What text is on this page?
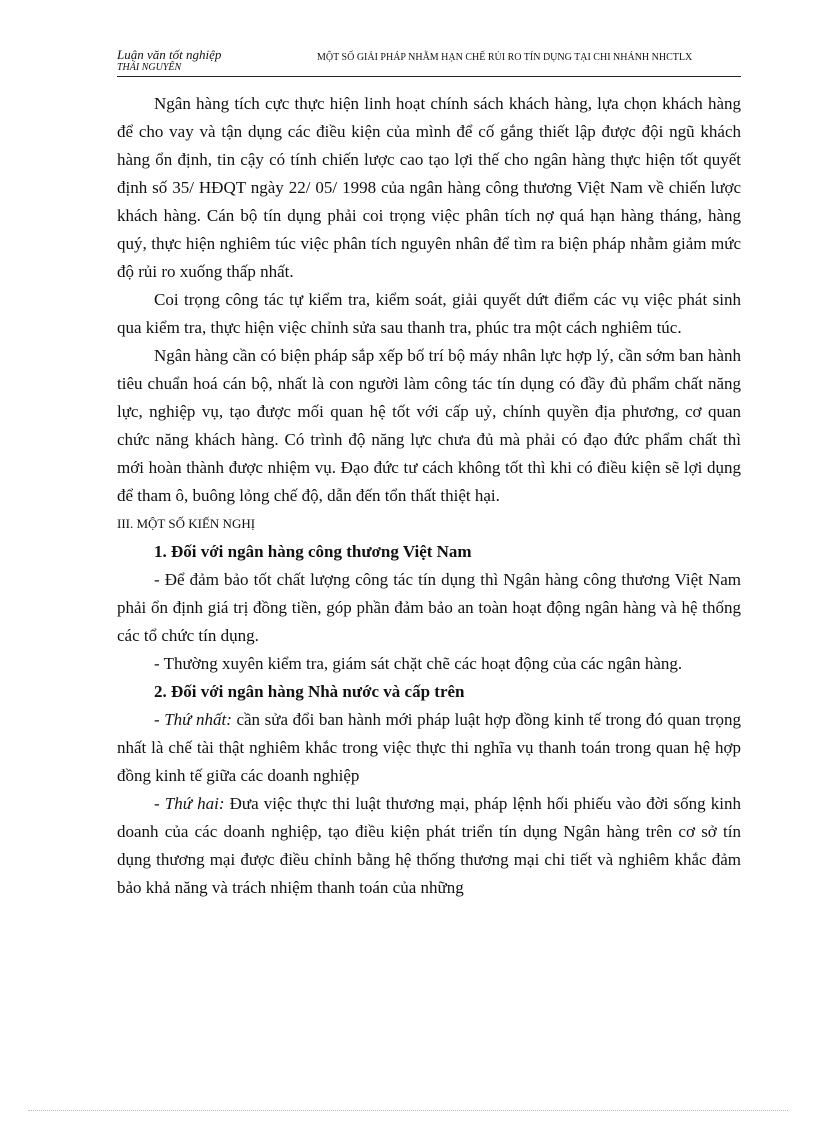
Luận văn tốt nghiệp
THÁI NGUYÊN
MỘT SỐ GIẢI PHÁP NHẰM HẠN CHẾ RỦI RO TÍN DỤNG TẠI CHI NHÁNH NHCTLX

Ngân hàng tích cực thực hiện linh hoạt chính sách khách hàng, lựa chọn khách hàng để cho vay và tận dụng các điều kiện của mình để cố gắng thiết lập được đội ngũ khách hàng ổn định, tin cậy có tính chiến lược cao tạo lợi thế cho ngân hàng thực hiện tốt quyết định số 35/ HĐQT ngày 22/ 05/ 1998 của ngân hàng công thương Việt Nam về chiến lược khách hàng. Cán bộ tín dụng phải coi trọng việc phân tích nợ quá hạn hàng tháng, hàng quý, thực hiện nghiêm túc việc phân tích nguyên nhân để tìm ra biện pháp nhằm giảm mức độ rủi ro xuống thấp nhất.

Coi trọng công tác tự kiểm tra, kiểm soát, giải quyết dứt điểm các vụ việc phát sinh qua kiểm tra, thực hiện việc chỉnh sửa sau thanh tra, phúc tra một cách nghiêm túc.

Ngân hàng cần có biện pháp sắp xếp bố trí bộ máy nhân lực hợp lý, cần sớm ban hành tiêu chuẩn hoá cán bộ, nhất là con người làm công tác tín dụng có đầy đủ phẩm chất năng lực, nghiệp vụ, tạo được mối quan hệ tốt với cấp uỷ, chính quyền địa phương, cơ quan chức năng khách hàng. Có trình độ năng lực chưa đủ mà phải có đạo đức phẩm chất thì mới hoàn thành được nhiệm vụ. Đạo đức tư cách không tốt thì khi có điều kiện sẽ lợi dụng để tham ô, buông lỏng chế độ, dẫn đến tổn thất thiệt hại.

III. MỘT SỐ KIẾN NGHỊ

1. Đối với ngân hàng công thương Việt Nam

- Để đảm bảo tốt chất lượng công tác tín dụng thì Ngân hàng công thương Việt Nam phải ổn định giá trị đồng tiền, góp phần đảm bảo an toàn hoạt động ngân hàng và hệ thống các tổ chức tín dụng.

- Thường xuyên kiểm tra, giám sát chặt chẽ các hoạt động của các ngân hàng.

2. Đối với ngân hàng Nhà nước và cấp trên

- Thứ nhất: cần sửa đổi ban hành mới pháp luật hợp đồng kinh tế trong đó quan trọng nhất là chế tài thật nghiêm khắc trong việc thực thi nghĩa vụ thanh toán trong quan hệ hợp đồng kinh tế giữa các doanh nghiệp

- Thứ hai: Đưa việc thực thi luật thương mại, pháp lệnh hối phiếu vào đời sống kinh doanh của các doanh nghiệp, tạo điều kiện phát triển tín dụng Ngân hàng trên cơ sở tín dụng thương mại được điều chỉnh bằng hệ thống thương mại chi tiết và nghiêm khắc đảm bảo khả năng và trách nhiệm thanh toán của những
